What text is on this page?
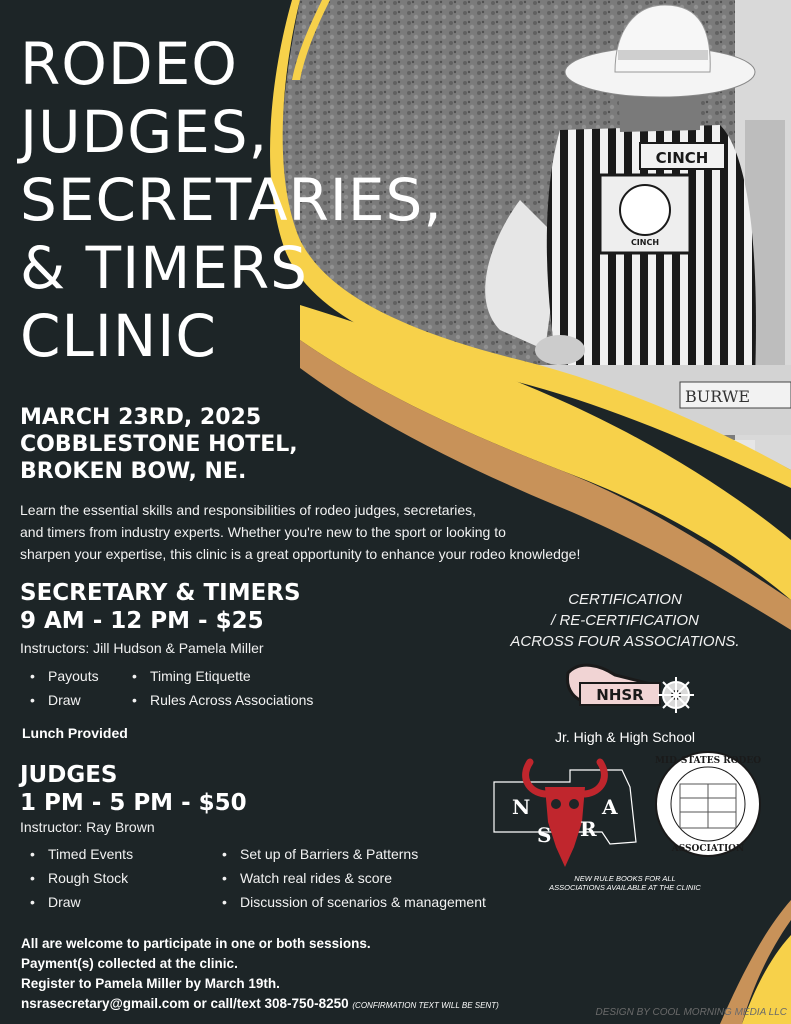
RODEO
JUDGES,
SECRETARIES,
& TIMERS
CLINIC
MARCH 23RD, 2025
COBBLESTONE HOTEL,
BROKEN BOW, NE.
Learn the essential skills and responsibilities of rodeo judges, secretaries,
and timers from industry experts. Whether you're new to the sport or looking to
sharpen your expertise, this clinic is a great opportunity to enhance your rodeo knowledge!
SECRETARY & TIMERS
9 AM - 12 PM - $25
Instructors: Jill Hudson & Pamela Miller
• Payouts
• Draw
• Timing Etiquette
• Rules Across Associations
Lunch Provided
JUDGES
1 PM - 5 PM - $50
Instructor: Ray Brown
• Timed Events
• Rough Stock
• Draw
• Set up of Barriers & Patterns
• Watch real rides & score
• Discussion of scenarios & management
CERTIFICATION
/ RE-CERTIFICATION
ACROSS FOUR ASSOCIATIONS.
NHSR
Jr. High & High School
N
S R
A
MID-STATES RODEO
ASSOCIATION
NEW RULE BOOKS FOR ALL
ASSOCIATIONS AVAILABLE AT THE CLINIC
CINCH
CINCH
BURWE
All are welcome to participate in one or both sessions.
Payment(s) collected at the clinic.
Register to Pamela Miller by March 19th.
nsrasecretary@gmail.com or call/text 308-750-8250 (CONFIRMATION TEXT WILL BE SENT)
DESIGN BY COOL MORNING MEDIA LLC
